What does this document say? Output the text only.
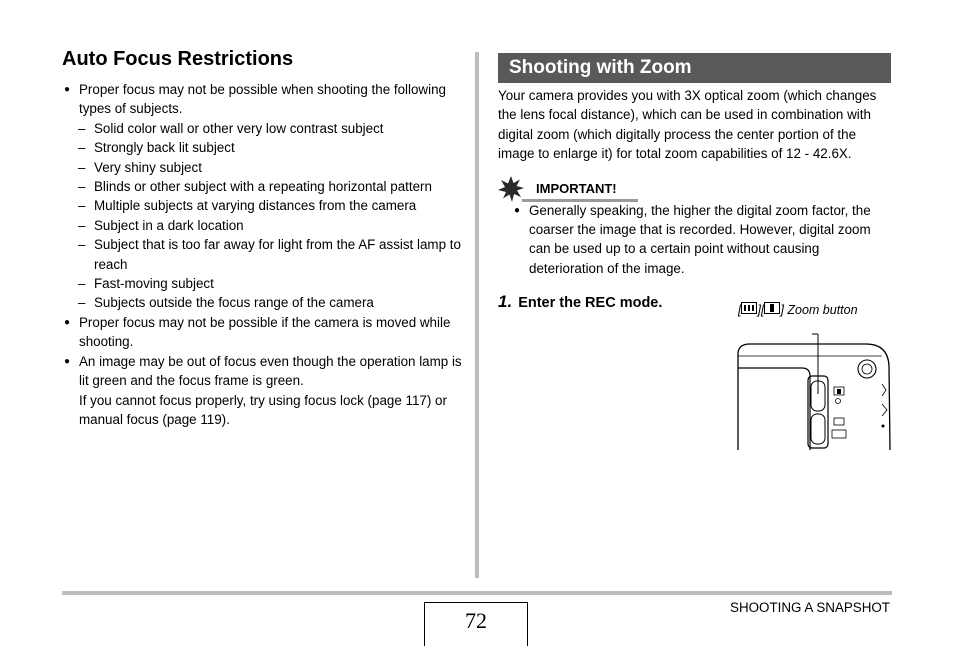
Auto Focus Restrictions
● Proper focus may not be possible when shooting the following types of subjects.
– Solid color wall or other very low contrast subject
– Strongly back lit subject
– Very shiny subject
– Blinds or other subject with a repeating horizontal pattern
– Multiple subjects at varying distances from the camera
– Subject in a dark location
– Subject that is too far away for light from the AF assist lamp to reach
– Fast-moving subject
– Subjects outside the focus range of the camera
● Proper focus may not be possible if the camera is moved while shooting.
● An image may be out of focus even though the operation lamp is lit green and the focus frame is green.
If you cannot focus properly, try using focus lock (page 117) or manual focus (page 119).
Shooting with Zoom
Your camera provides you with 3X optical zoom (which changes the lens focal distance), which can be used in combination with digital zoom (which digitally process the center portion of the image to enlarge it) for total zoom capabilities of 12 - 42.6X.
IMPORTANT!
● Generally speaking, the higher the digital zoom factor, the coarser the image that is recorded. However, digital zoom can be used up to a certain point without causing deterioration of the image.
1. Enter the REC mode.	[ ][ ] Zoom button
72
SHOOTING A SNAPSHOT
